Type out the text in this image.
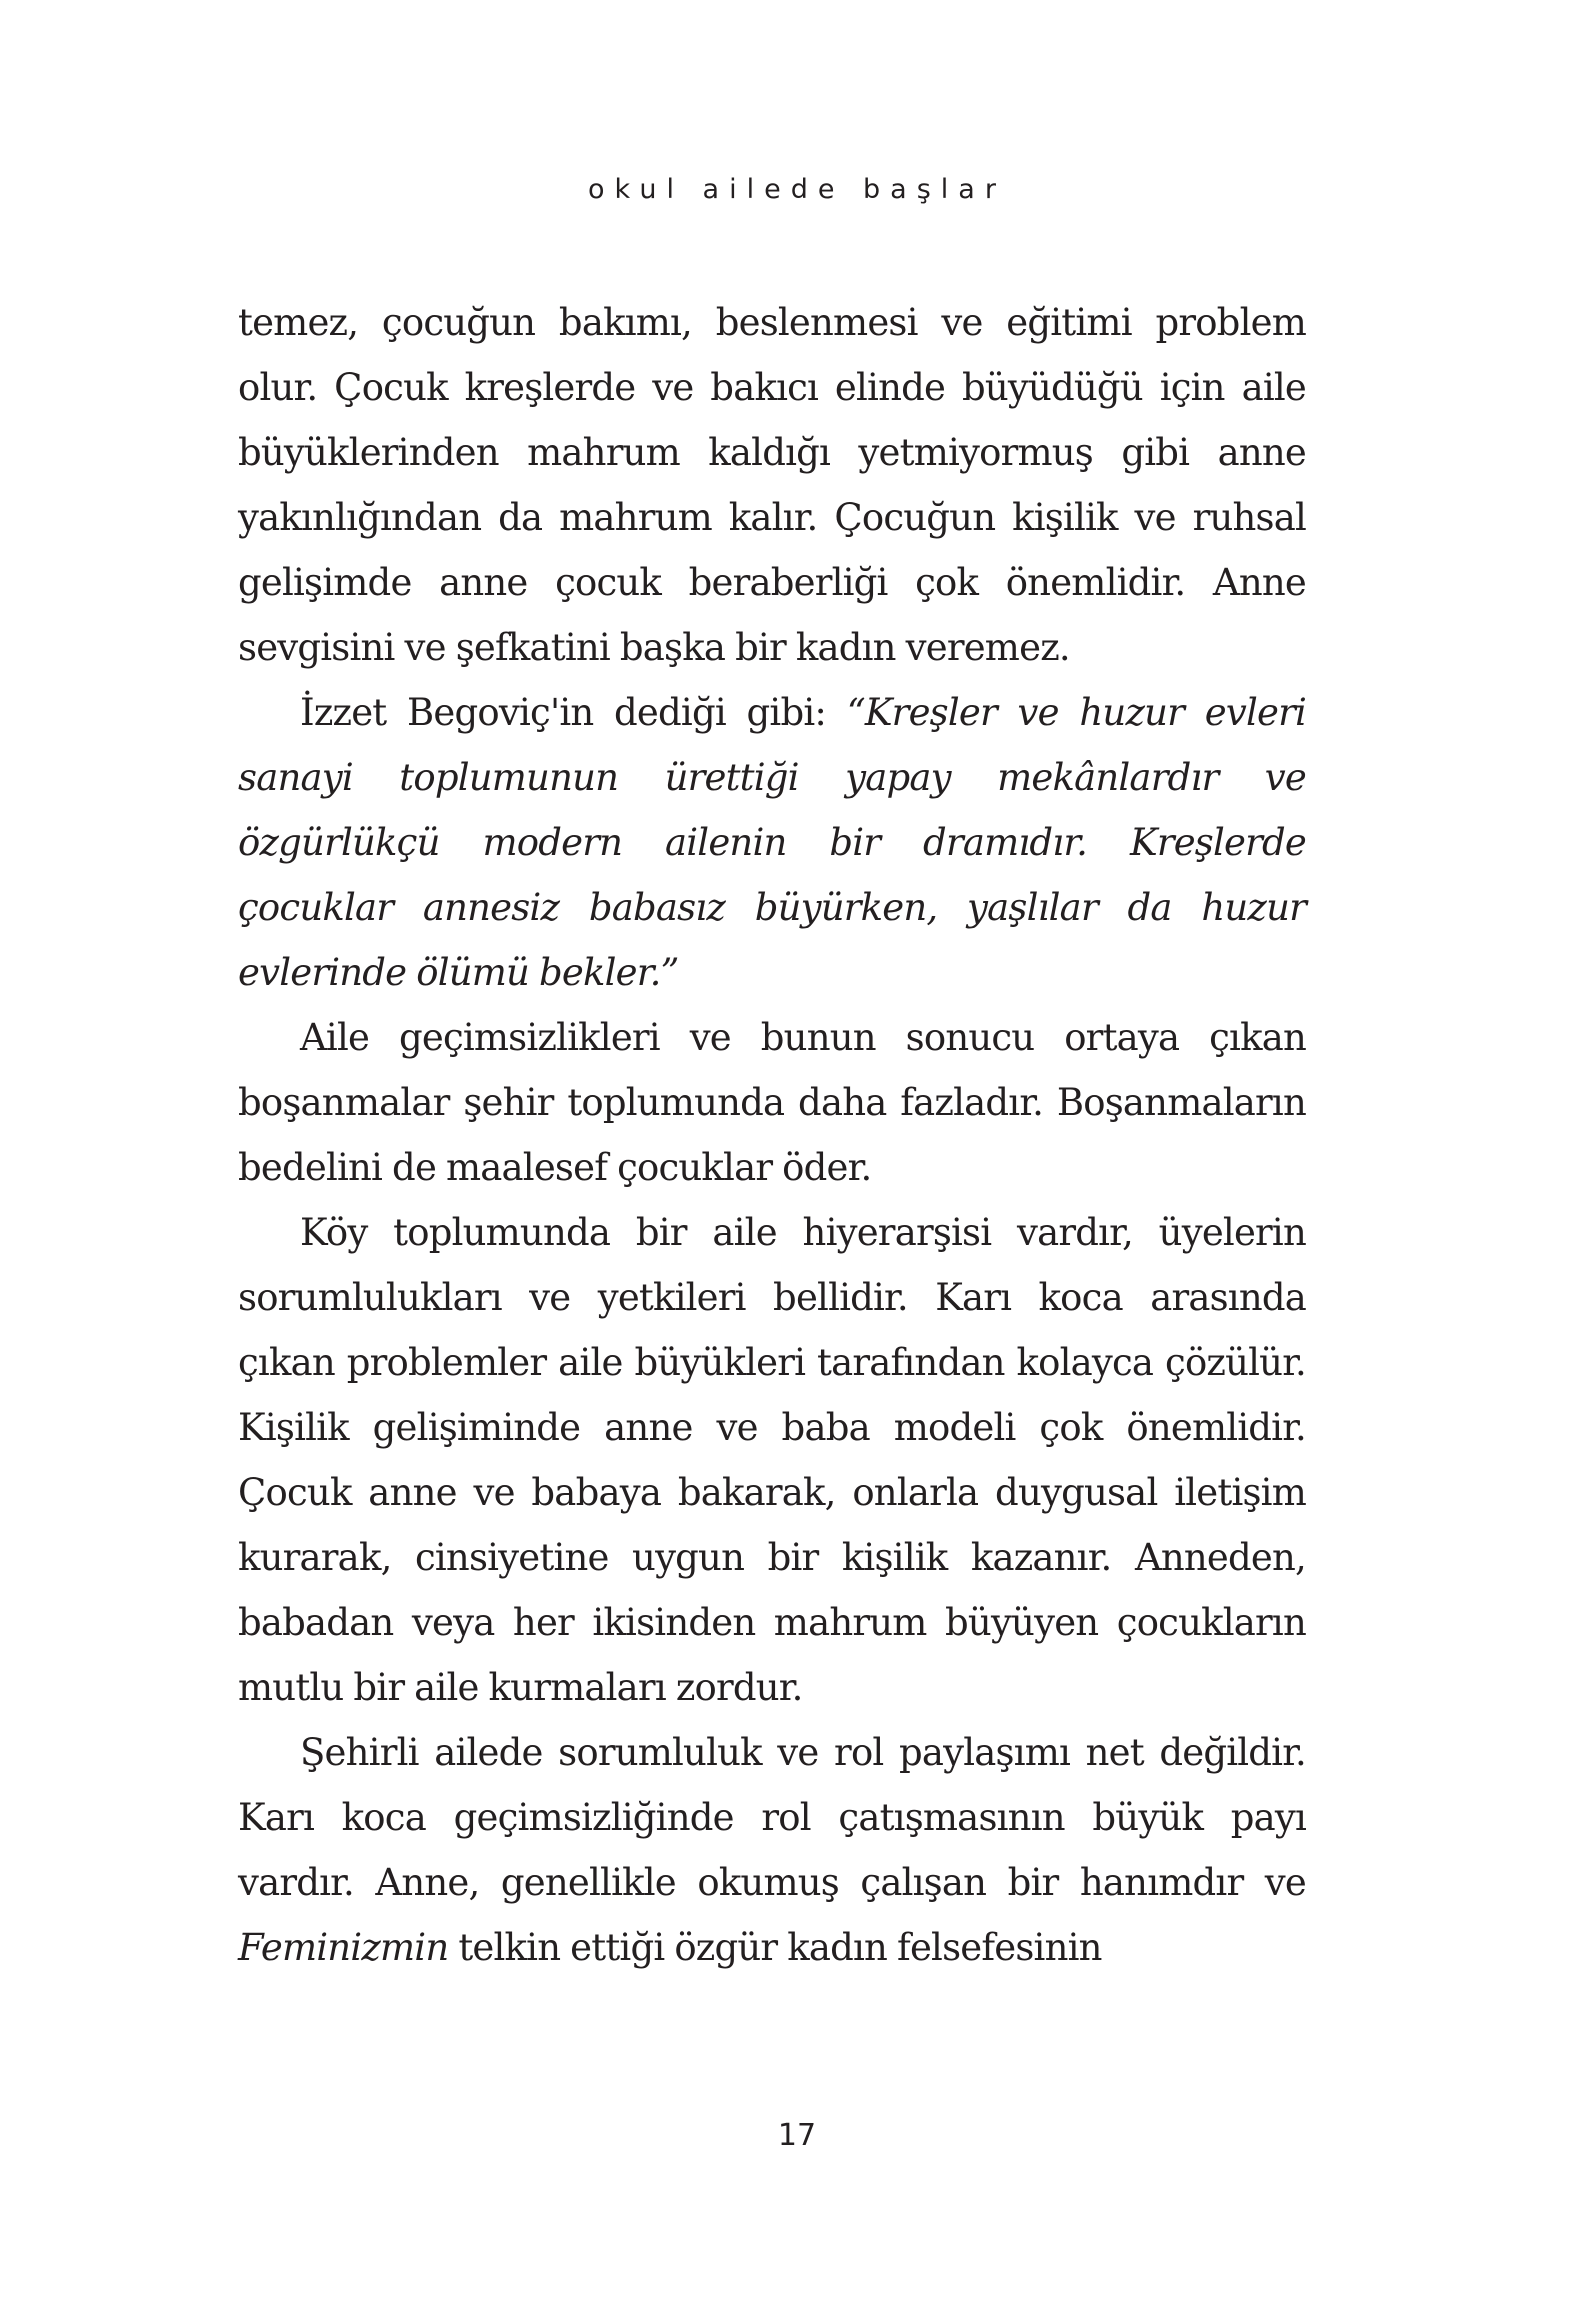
okul ailede başlar

temez, çocuğun bakımı, beslenmesi ve eğitimi problem olur. Çocuk kreşlerde ve bakıcı elinde büyüdüğü için aile büyüklerinden mahrum kaldığı yetmiyormuş gibi anne yakınlığından da mahrum kalır. Çocuğun kişilik ve ruhsal gelişimde anne çocuk beraberliği çok önemlidir. Anne sevgisini ve şefkatini başka bir kadın veremez.

İzzet Begoviç'in dediği gibi: “Kreşler ve huzur evleri sanayi toplumunun ürettiği yapay mekânlardır ve özgürlükçü modern ailenin bir dramıdır. Kreşlerde çocuklar annesiz babasız büyürken, yaşlılar da huzur evlerinde ölümü bekler.”

Aile geçimsizlikleri ve bunun sonucu ortaya çıkan boşanmalar şehir toplumunda daha fazladır. Boşanmaların bedelini de maalesef çocuklar öder.

Köy toplumunda bir aile hiyerarşisi vardır, üyelerin sorumlulukları ve yetkileri bellidir. Karı koca arasında çıkan problemler aile büyükleri tarafından kolayca çözülür. Kişilik gelişiminde anne ve baba modeli çok önemlidir. Çocuk anne ve babaya bakarak, onlarla duygusal iletişim kurarak, cinsiyetine uygun bir kişilik kazanır. Anneden, babadan veya her ikisinden mahrum büyüyen çocukların mutlu bir aile kurmaları zordur.

Şehirli ailede sorumluluk ve rol paylaşımı net değildir. Karı koca geçimsizliğinde rol çatışmasının büyük payı vardır. Anne, genellikle okumuş çalışan bir hanımdır ve Feminizmin telkin ettiği özgür kadın felsefesinin

17
